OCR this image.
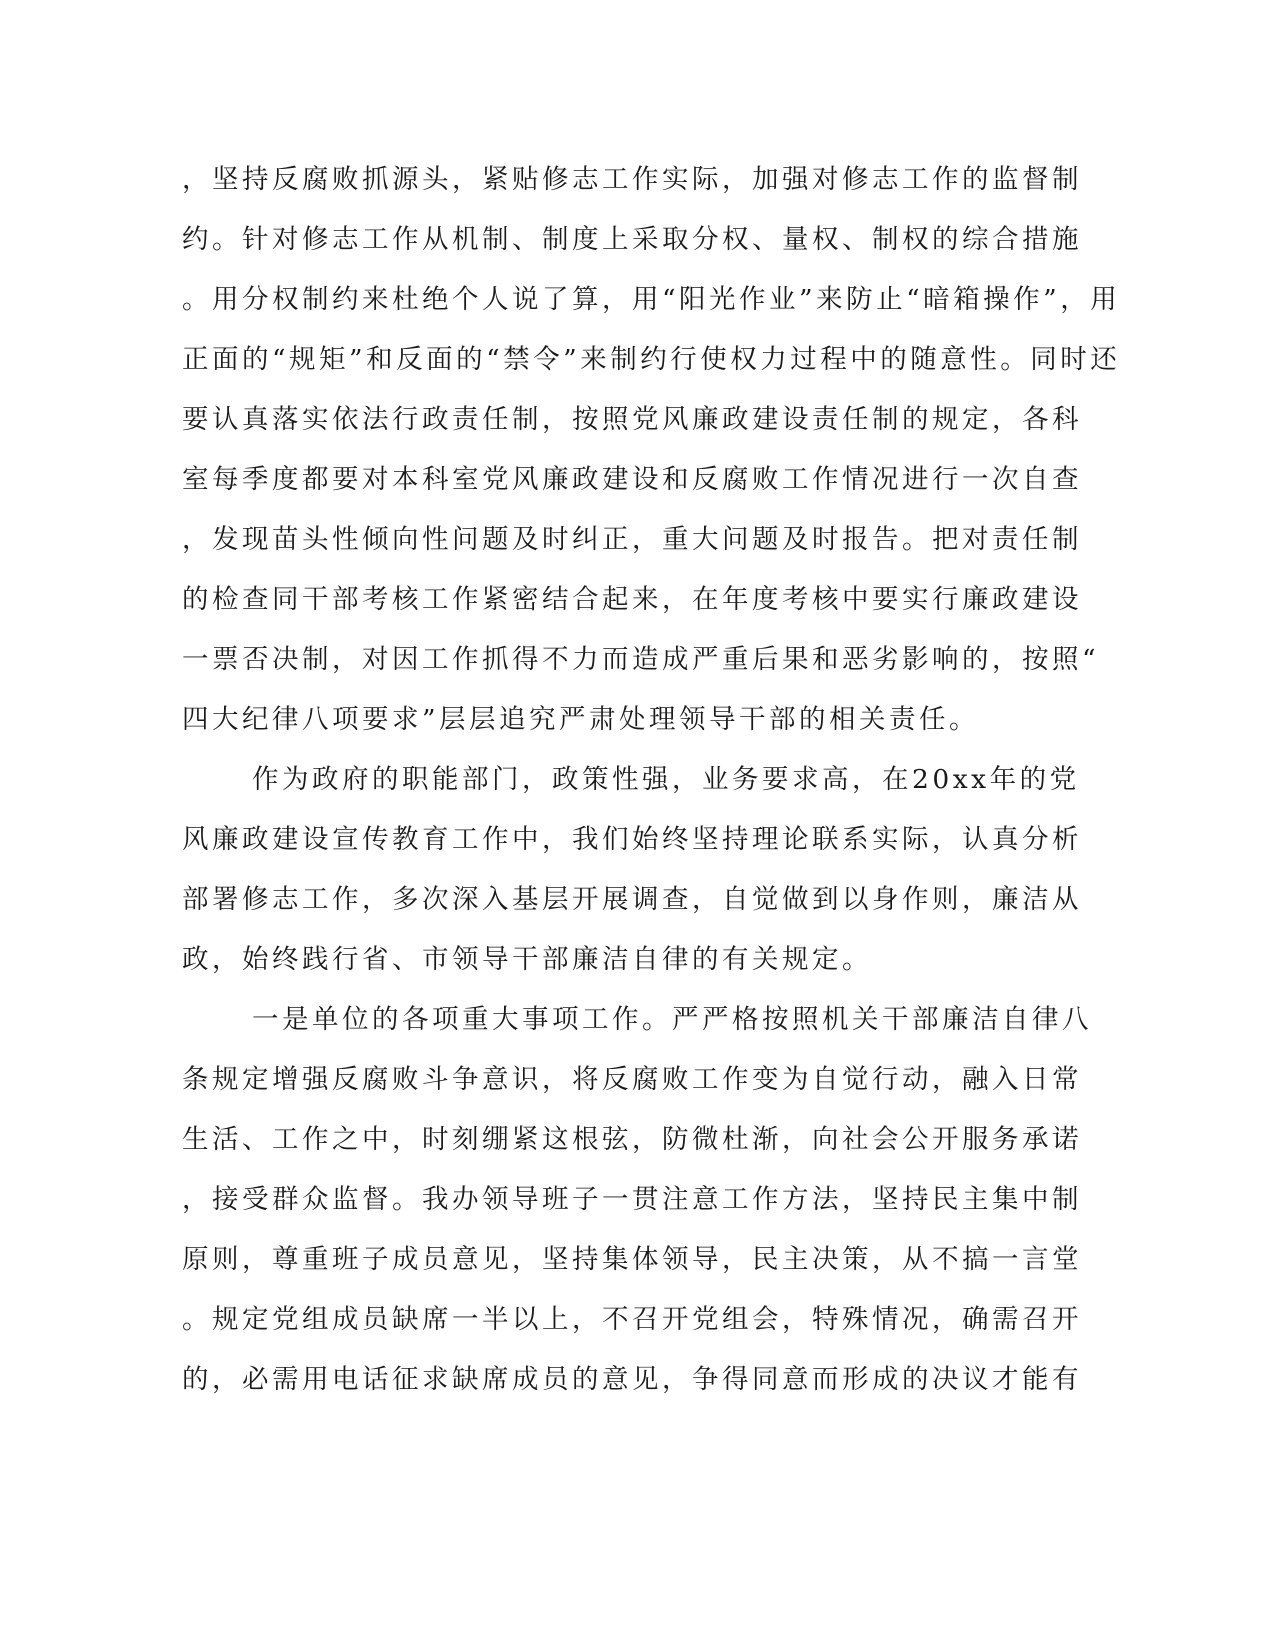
，坚持反腐败抓源头，紧贴修志工作实际，加强对修志工作的监督制
约。针对修志工作从机制、制度上采取分权、量权、制权的综合措施
。用分权制约来杜绝个人说了算，用“阳光作业”来防止“暗箱操作”，用
正面的“规矩”和反面的“禁令”来制约行使权力过程中的随意性。同时还
要认真落实依法行政责任制，按照党风廉政建设责任制的规定，各科
室每季度都要对本科室党风廉政建设和反腐败工作情况进行一次自查
，发现苗头性倾向性问题及时纠正，重大问题及时报告。把对责任制
的检查同干部考核工作紧密结合起来，在年度考核中要实行廉政建设
一票否决制，对因工作抓得不力而造成严重后果和恶劣影响的，按照“
四大纪律八项要求”层层追究严肃处理领导干部的相关责任。
作为政府的职能部门，政策性强，业务要求高，在20xx年的党
风廉政建设宣传教育工作中，我们始终坚持理论联系实际，认真分析
部署修志工作，多次深入基层开展调查，自觉做到以身作则，廉洁从
政，始终践行省、市领导干部廉洁自律的有关规定。
一是单位的各项重大事项工作。严严格按照机关干部廉洁自律八
条规定增强反腐败斗争意识，将反腐败工作变为自觉行动，融入日常
生活、工作之中，时刻绷紧这根弦，防微杜渐，向社会公开服务承诺
，接受群众监督。我办领导班子一贯注意工作方法，坚持民主集中制
原则，尊重班子成员意见，坚持集体领导，民主决策，从不搞一言堂
。规定党组成员缺席一半以上，不召开党组会，特殊情况，确需召开
的，必需用电话征求缺席成员的意见，争得同意而形成的决议才能有
